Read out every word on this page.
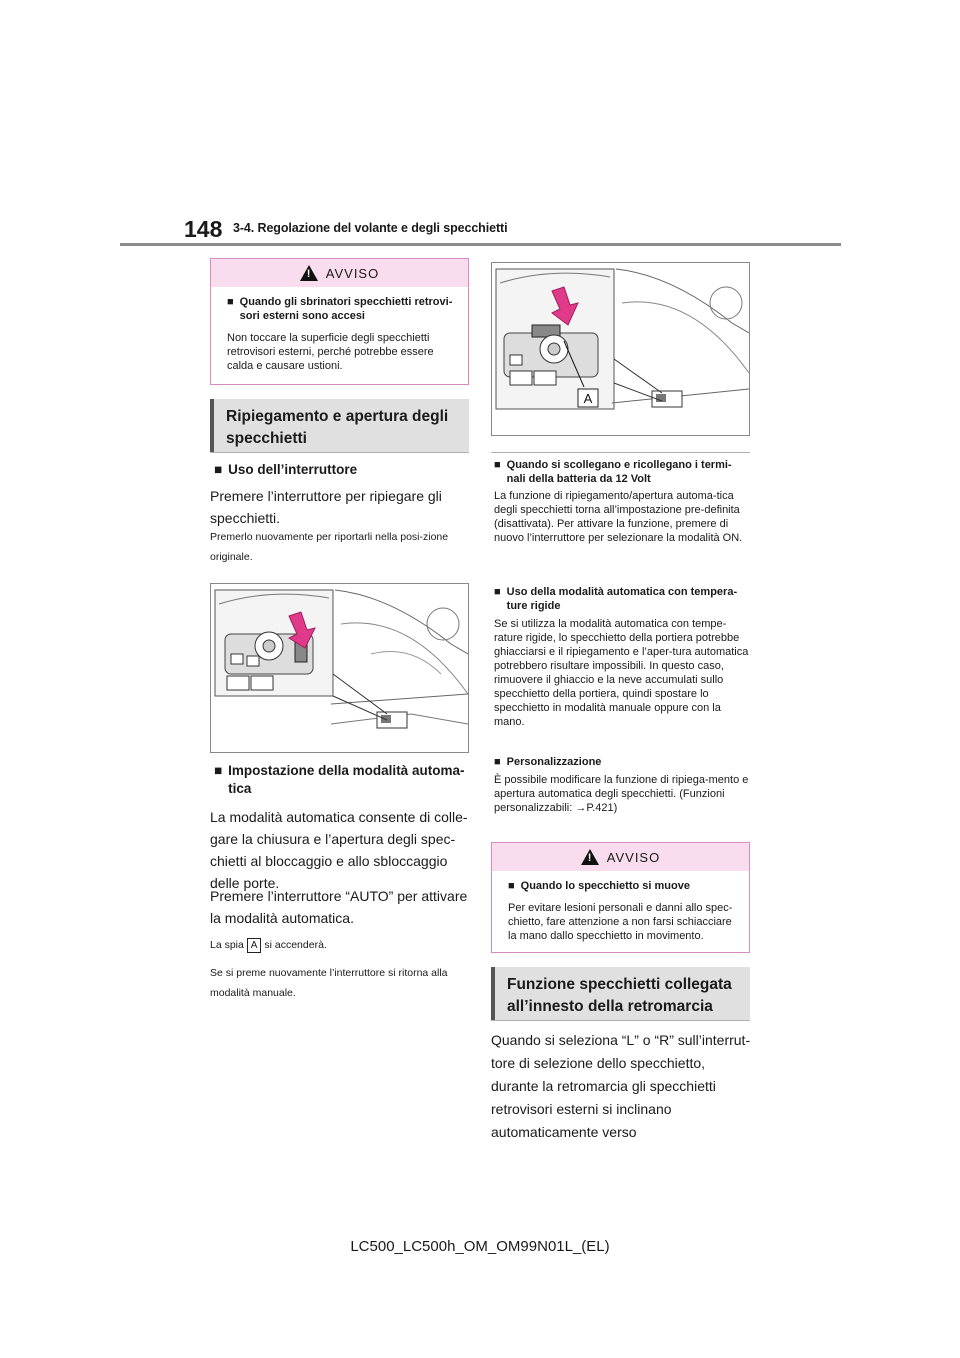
148 3-4. Regolazione del volante e degli specchietti
! AVVISO
■ Quando gli sbrinatori specchietti retrovi-sori esterni sono accesi
Non toccare la superficie degli specchietti retrovisori esterni, perché potrebbe essere calda e causare ustioni.
Ripiegamento e apertura degli specchietti
■ Uso dell’interruttore
Premere l’interruttore per ripiegare gli specchietti.
Premerlo nuovamente per riportarli nella posi-zione originale.
■ Impostazione della modalità automa-tica
La modalità automatica consente di colle-gare la chiusura e l’apertura degli spec-chietti al bloccaggio e allo sbloccaggio delle porte.
Premere l’interruttore “AUTO” per attivare la modalità automatica.
La spia A si accenderà.
Se si preme nuovamente l’interruttore si ritorna alla modalità manuale.
A
■ Quando si scollegano e ricollegano i termi-nali della batteria da 12 Volt
La funzione di ripiegamento/apertura automa-tica degli specchietti torna all’impostazione pre-definita (disattivata). Per attivare la funzione, premere di nuovo l’interruttore per selezionare la modalità ON.
■ Uso della modalità automatica con tempera-ture rigide
Se si utilizza la modalità automatica con tempe-rature rigide, lo specchietto della portiera potrebbe ghiacciarsi e il ripiegamento e l’aper-tura automatica potrebbero risultare impossibili. In questo caso, rimuovere il ghiaccio e la neve accumulati sullo specchietto della portiera, quindi spostare lo specchietto in modalità manuale oppure con la mano.
■ Personalizzazione
È possibile modificare la funzione di ripiega-mento e apertura automatica degli specchietti. (Funzioni personalizzabili: →P.421)
! AVVISO
■ Quando lo specchietto si muove
Per evitare lesioni personali e danni allo spec-chietto, fare attenzione a non farsi schiacciare la mano dallo specchietto in movimento.
Funzione specchietti collegata all’innesto della retromarcia
Quando si seleziona “L” o “R” sull’interrut-tore di selezione dello specchietto, durante la retromarcia gli specchietti retrovisori esterni si inclinano automaticamente verso
LC500_LC500h_OM_OM99N01L_(EL)
